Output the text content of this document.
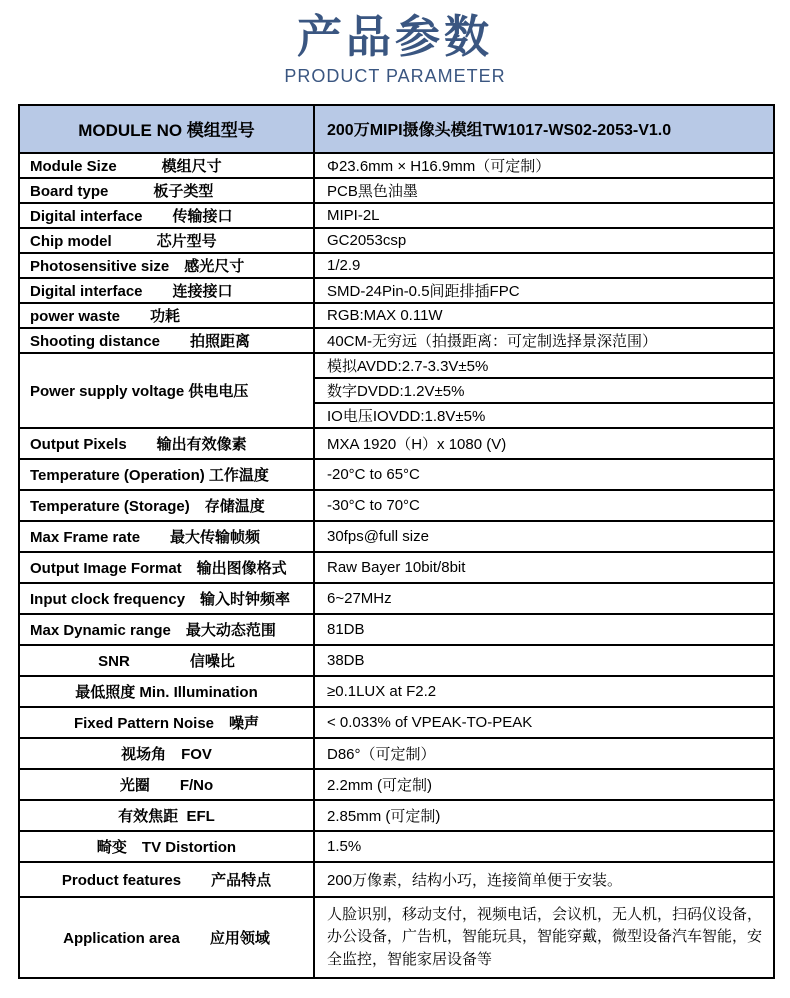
产品参数
PRODUCT PARAMETER
MODULE NO 模组型号	200万MIPI摄像头模组TW1017-WS02-2053-V1.0
Module Size　　　模组尺寸	Φ23.6mm × H16.9mm（可定制）
Board type　　　板子类型	PCB黑色油墨
Digital interface　　传输接口	MIPI-2L
Chip model　　　芯片型号	GC2053csp
Photosensitive size　感光尺寸	1/2.9
Digital interface　　连接接口	SMD-24Pin-0.5间距排插FPC
power waste　　功耗	RGB:MAX 0.11W
Shooting distance　　拍照距离	40CM-无穷远（拍摄距离：可定制选择景深范围）
Power supply voltage 供电电压	模拟AVDD:2.7-3.3V±5%
	数字DVDD:1.2V±5%
	IO电压IOVDD:1.8V±5%
Output Pixels　　输出有效像素	MXA 1920（H）x 1080 (V)
Temperature (Operation) 工作温度	-20°C to 65°C
Temperature (Storage)　存储温度	-30°C to 70°C
Max Frame rate　　最大传输帧频	30fps@full size
Output Image Format　输出图像格式	Raw Bayer 10bit/8bit
Input clock frequency　输入时钟频率	6~27MHz
Max Dynamic range　最大动态范围	81DB
SNR　　　　信噪比	38DB
最低照度 Min. Illumination	≥0.1LUX at F2.2
Fixed Pattern Noise　噪声	< 0.033% of VPEAK-TO-PEAK
视场角　FOV	D86°（可定制）
光圈　　F/No	2.2mm (可定制)
有效焦距  EFL	2.85mm (可定制)
畸变　TV Distortion	1.5%
Product features　　产品特点	200万像素，结构小巧，连接简单便于安装。
Application area　　应用领域	人脸识别，移动支付，视频电话，会议机，无人机，扫码仪设备，办公设备，广告机，智能玩具，智能穿戴，微型设备汽车智能，安全监控，智能家居设备等
